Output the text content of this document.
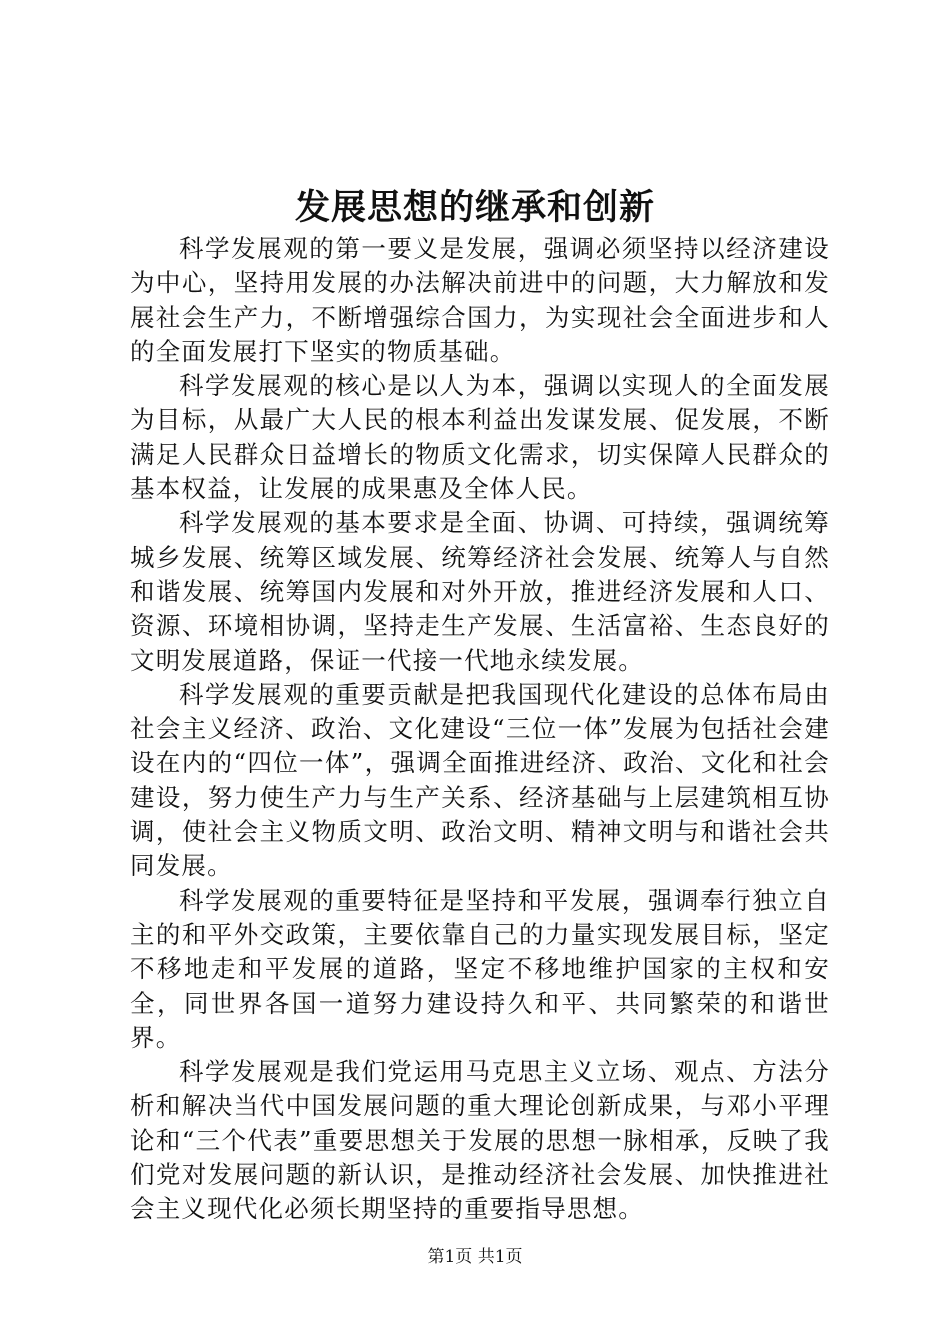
发展思想的继承和创新

科学发展观的第一要义是发展，强调必须坚持以经济建设为中心，坚持用发展的办法解决前进中的问题，大力解放和发展社会生产力，不断增强综合国力，为实现社会全面进步和人的全面发展打下坚实的物质基础。

科学发展观的核心是以人为本，强调以实现人的全面发展为目标，从最广大人民的根本利益出发谋发展、促发展，不断满足人民群众日益增长的物质文化需求，切实保障人民群众的基本权益，让发展的成果惠及全体人民。

科学发展观的基本要求是全面、协调、可持续，强调统筹城乡发展、统筹区域发展、统筹经济社会发展、统筹人与自然和谐发展、统筹国内发展和对外开放，推进经济发展和人口、资源、环境相协调，坚持走生产发展、生活富裕、生态良好的文明发展道路，保证一代接一代地永续发展。

科学发展观的重要贡献是把我国现代化建设的总体布局由社会主义经济、政治、文化建设“三位一体”发展为包括社会建设在内的“四位一体”，强调全面推进经济、政治、文化和社会建设，努力使生产力与生产关系、经济基础与上层建筑相互协调，使社会主义物质文明、政治文明、精神文明与和谐社会共同发展。

科学发展观的重要特征是坚持和平发展，强调奉行独立自主的和平外交政策，主要依靠自己的力量实现发展目标，坚定不移地走和平发展的道路，坚定不移地维护国家的主权和安全，同世界各国一道努力建设持久和平、共同繁荣的和谐世界。

科学发展观是我们党运用马克思主义立场、观点、方法分析和解决当代中国发展问题的重大理论创新成果，与邓小平理论和“三个代表”重要思想关于发展的思想一脉相承，反映了我们党对发展问题的新认识，是推动经济社会发展、加快推进社会主义现代化必须长期坚持的重要指导思想。

第1页 共1页
